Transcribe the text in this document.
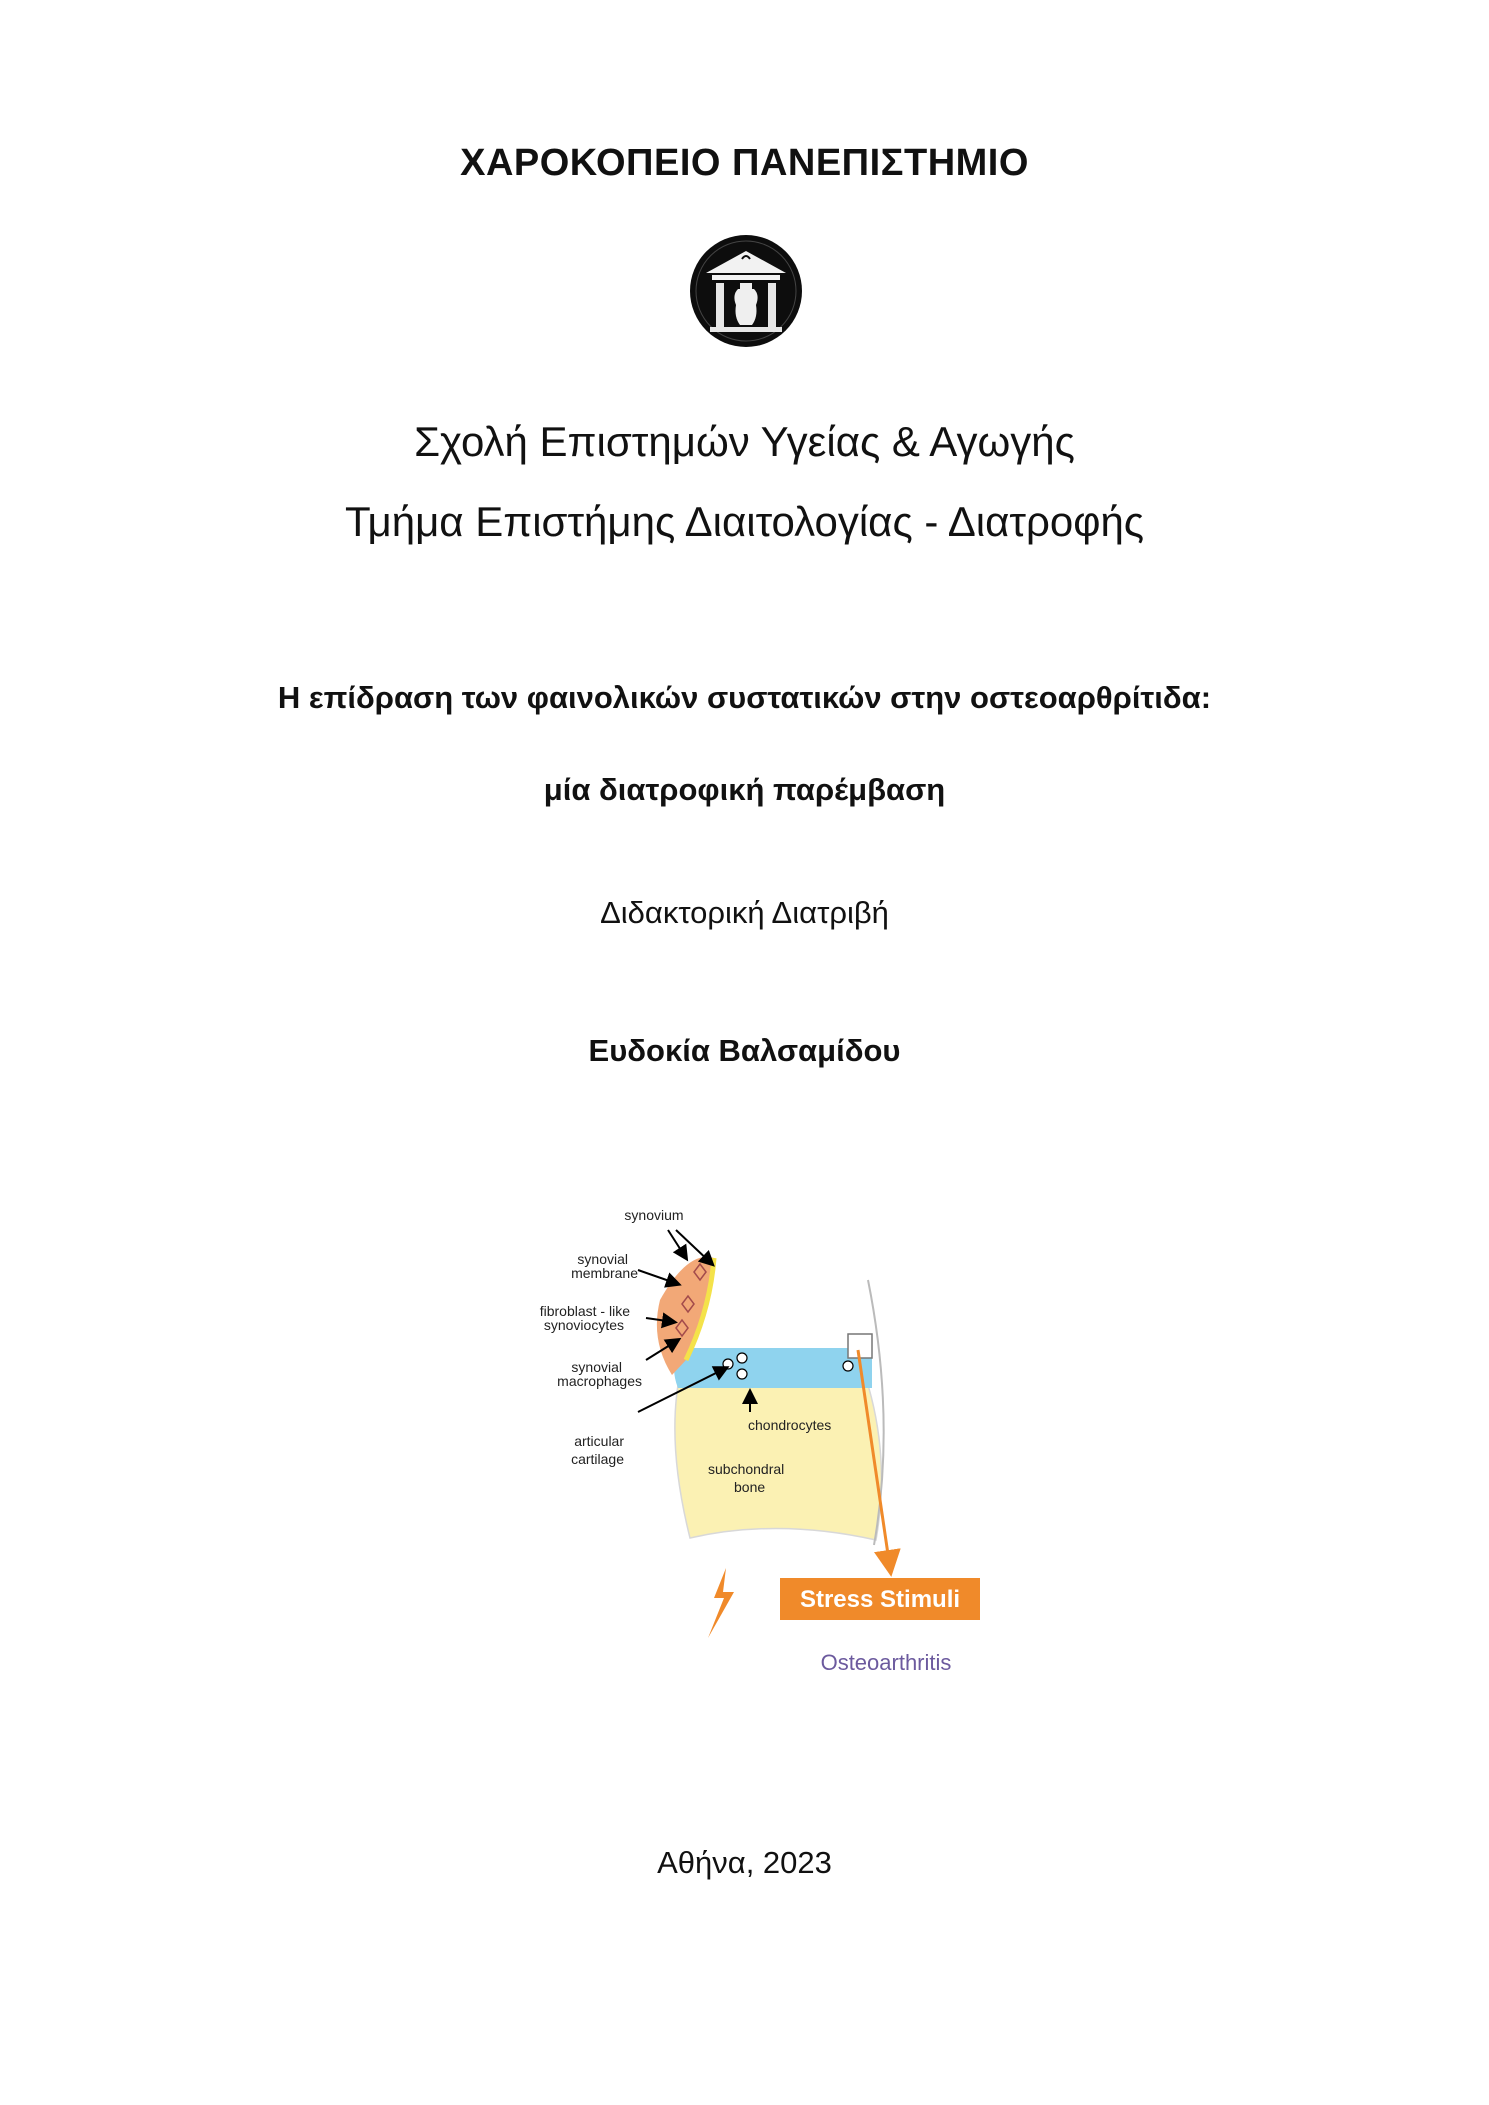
ΧΑΡΟΚΟΠΕΙΟ ΠΑΝΕΠΙΣΤΗΜΙΟ
Σχολή Επιστημών Υγείας & Αγωγής
Τμήμα Επιστήμης Διαιτολογίας - Διατροφής
Η επίδραση των φαινολικών συστατικών στην οστεοαρθρίτιδα:
μία διατροφική παρέμβαση
Διδακτορική Διατριβή
Ευδοκία Βαλσαμίδου
synovium
synovial
membrane
fibroblast - like
synoviocytes
synovial
macrophages
articular
cartilage
chondrocytes
subchondral
bone
Stress Stimuli
Osteoarthritis
Αθήνα, 2023
